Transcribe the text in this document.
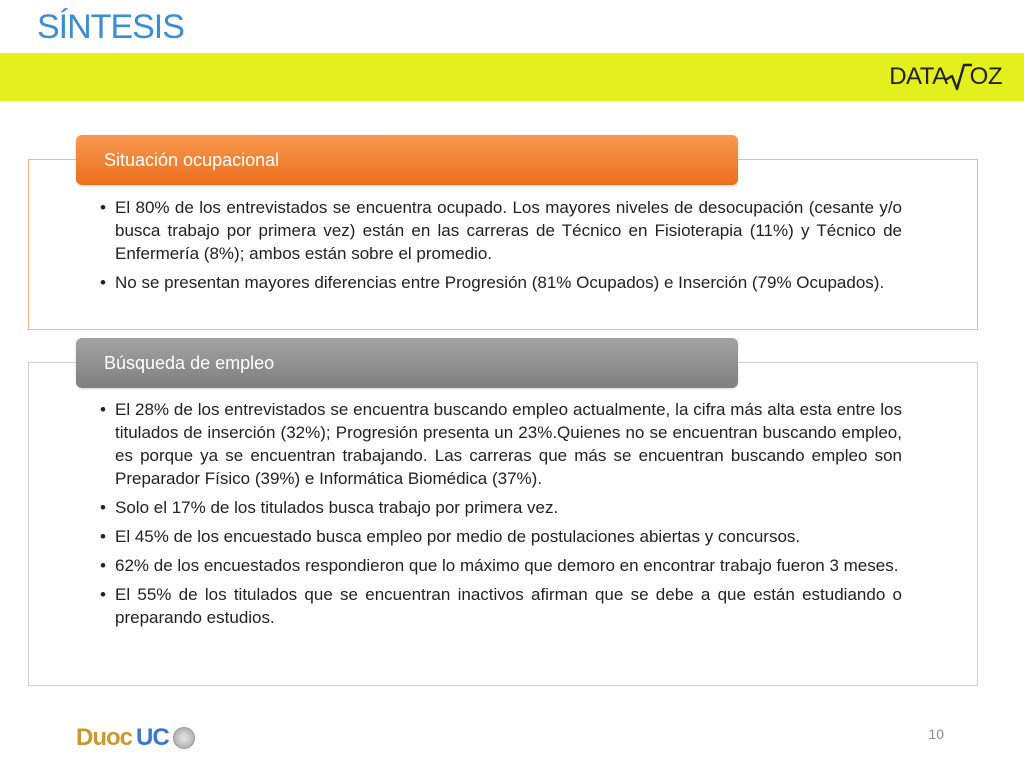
SÍNTESIS
DATA OZ
Situación ocupacional
• El 80% de los entrevistados se encuentra ocupado. Los mayores niveles de desocupación (cesante y/o busca trabajo por primera vez) están en las carreras de Técnico en Fisioterapia (11%) y Técnico de Enfermería (8%); ambos están sobre el promedio.
• No se presentan mayores diferencias entre Progresión (81% Ocupados) e Inserción (79% Ocupados).
Búsqueda de empleo
• El 28% de los entrevistados se encuentra buscando empleo actualmente, la cifra más alta esta entre los titulados de inserción (32%); Progresión presenta un 23%.Quienes no se encuentran buscando empleo, es porque ya se encuentran trabajando. Las carreras que más se encuentran buscando empleo son Preparador Físico (39%) e Informática Biomédica (37%).
• Solo el 17% de los titulados busca trabajo por primera vez.
• El 45% de los encuestado busca empleo por medio de postulaciones abiertas y concursos.
• 62% de los encuestados respondieron que lo máximo que demoro en encontrar trabajo fueron 3 meses.
• El 55% de los titulados que se encuentran inactivos afirman que se debe a que están estudiando o preparando estudios.
Duoc UC	10
